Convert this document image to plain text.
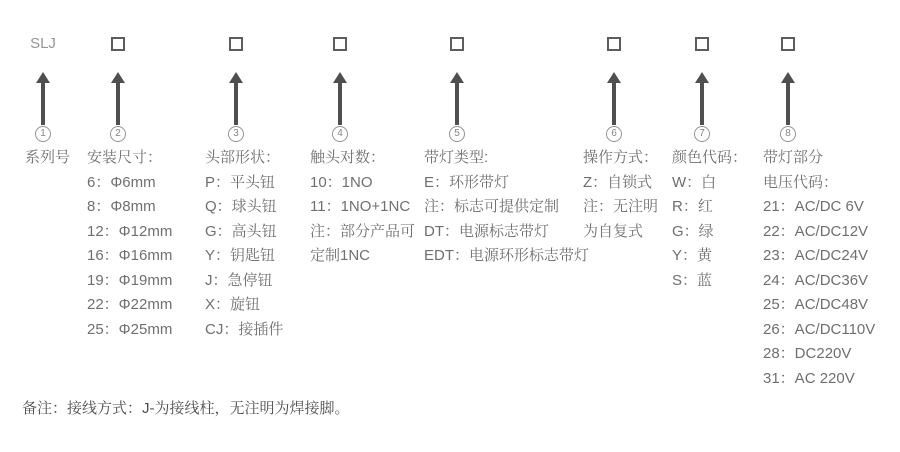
SLJ
1
系列号
2
安装尺寸：
6：Φ6mm
8：Φ8mm
12：Φ12mm
16：Φ16mm
19：Φ19mm
22：Φ22mm
25：Φ25mm
3
头部形状：
P：平头钮
Q：球头钮
G：高头钮
Y：钥匙钮
J：急停钮
X：旋钮
CJ：接插件
4
触头对数：
10：1NO
11：1NO+1NC
注：部分产品可
定制1NC
5
带灯类型:
E：环形带灯
注：标志可提供定制
DT：电源标志带灯
EDT：电源环形标志带灯
6
操作方式：
Z：自锁式
注：无注明
为自复式
7
颜色代码：
W：白
R：红
G：绿
Y：黄
S：蓝
8
带灯部分
电压代码：
21：AC/DC 6V
22：AC/DC12V
23：AC/DC24V
24：AC/DC36V
25：AC/DC48V
26：AC/DC110V
28：DC220V
31：AC 220V
备注：接线方式：J-为接线柱，无注明为焊接脚。
